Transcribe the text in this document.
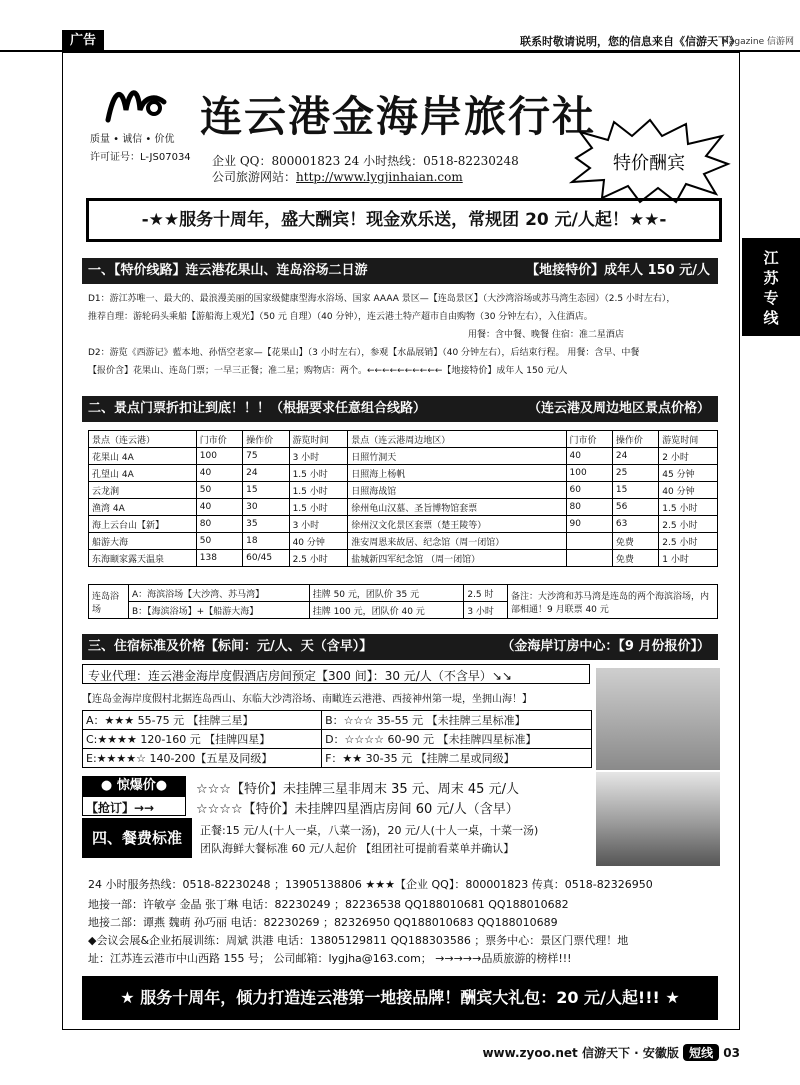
广告	联系时敬请说明，您的信息来自《信游天下》
Magazine 信游网
江
苏
专
线
质量 • 诚信 • 价优
许可证号：L-JS07034
连云港金海岸旅行社
企业 QQ：800001823 24 小时热线：0518-82230248
公司旅游网站：http://www.lygjinhaian.com
特价酬宾
-★★服务十周年，盛大酬宾！现金欢乐送，常规团 20 元/人起！★★-
一、【特价线路】连云港花果山、连岛浴场二日游	【地接特价】成年人 150 元/人
D1：游江苏唯一、最大的、最浪漫美丽的国家级健康型海水浴场、国家 AAAA 景区—【连岛景区】（大沙湾浴场或苏马湾生态园）（2.5 小时左右），
推荐自理：游轮码头乘船【游船海上观光】（50 元 自理）（40 分钟），连云港土特产超市自由购物（30 分钟左右），入住酒店。
用餐：含中餐、晚餐 住宿：准二星酒店
D2：游览《西游记》藍本地、孙悟空老家—【花果山】（3 小时左右），参观【水晶展销】（40 分钟左右），后结束行程。 用餐：含早、中餐
【报价含】花果山、连岛门票；一早三正餐；准二星；购物店：两个。←←←←←←←←←←【地接特价】成年人 150 元/人
二、景点门票折扣让到底！！！（根据要求任意组合线路）	（连云港及周边地区景点价格）
景点（连云港）	门市价	操作价	游览时间	景点（连云港周边地区）	门市价	操作价	游览时间
花果山 4A	100	75	3 小时	日照竹洞天	40	24	2 小时
孔望山 4A	40	24	1.5 小时	日照海上杨帆	100	25	45 分钟
云龙涧	50	15	1.5 小时	日照海战馆	60	15	40 分钟
渔湾 4A	40	30	1.5 小时	徐州龟山汉墓、圣旨博物馆套票	80	56	1.5 小时
海上云台山【新】	80	35	3 小时	徐州汉文化景区套票（楚王陵等）	90	63	2.5 小时
船游大海	50	18	40 分钟	淮安周恩来故居、纪念馆（周一闭馆）		免费	2.5 小时
东海颐家露天温泉	138	60/45	2.5 小时	盐城新四军纪念馆 （周一闭馆）		免费	1 小时
连岛浴场	A：海滨浴场【大沙湾、苏马湾】	挂牌 50 元，团队价 35 元	2.5 时	备注：大沙湾和苏马湾是连岛的两个海滨浴场，内部相通！9 月联票 40 元
	B：【海滨浴场】+【船游大海】	挂牌 100 元，团队价 40 元	3 小时	
三、住宿标准及价格【标间：元/人、天（含早）】	（金海岸订房中心：【9 月份报价】）
专业代理：连云港金海岸度假酒店房间预定【300 间】：30 元/人（不含早）↘↘
【连岛金海岸度假村北据连岛西山、东临大沙湾浴场、南瞰连云港港、西接神州第一堤，坐拥山海！】
A：★★★ 55-75 元 【挂牌三星】	B：☆☆☆ 35-55 元 【未挂牌三星标准】
C:★★★★ 120-160 元 【挂牌四星】	D：☆☆☆☆ 60-90 元 【未挂牌四星标准】
E:★★★★☆ 140-200【五星及同级】	F：★★ 30-35 元 【挂牌二星或同级】
● 惊爆价●
【抢订】→→
☆☆☆【特价】未挂牌三星非周末 35 元、周末 45 元/人
☆☆☆☆【特价】未挂牌四星酒店房间 60 元/人（含早）
四、餐费标准	正餐:15 元/人(十人一桌，八菜一汤)，20 元/人(十人一桌，十菜一汤)
团队海鲜大餐标准 60 元/人起价 【组团社可提前看菜单并确认】
24 小时服务热线：0518-82230248 ；13905138806 ★★★【企业 QQ】：800001823 传真：0518-82326950
地接一部：许敏亭 金晶 张丁琳 电话：82230249 ；82236538 QQ188010681 QQ188010682
地接二部：谭燕 魏萌 孙巧丽 电话：82230269 ；82326950 QQ188010683 QQ188010689
◆会议会展&企业拓展训练：周斌 洪港 电话：13805129811 QQ188303586 ；票务中心：景区门票代理！地
址：江苏连云港市中山西路 155 号； 公司邮箱：lygjha@163.com； →→→→→品质旅游的榜样!!!
★ 服务十周年，倾力打造连云港第一地接品牌！酬宾大礼包：20 元/人起!!! ★
www.zyoo.net 信游天下 · 安徽版 短线 03
